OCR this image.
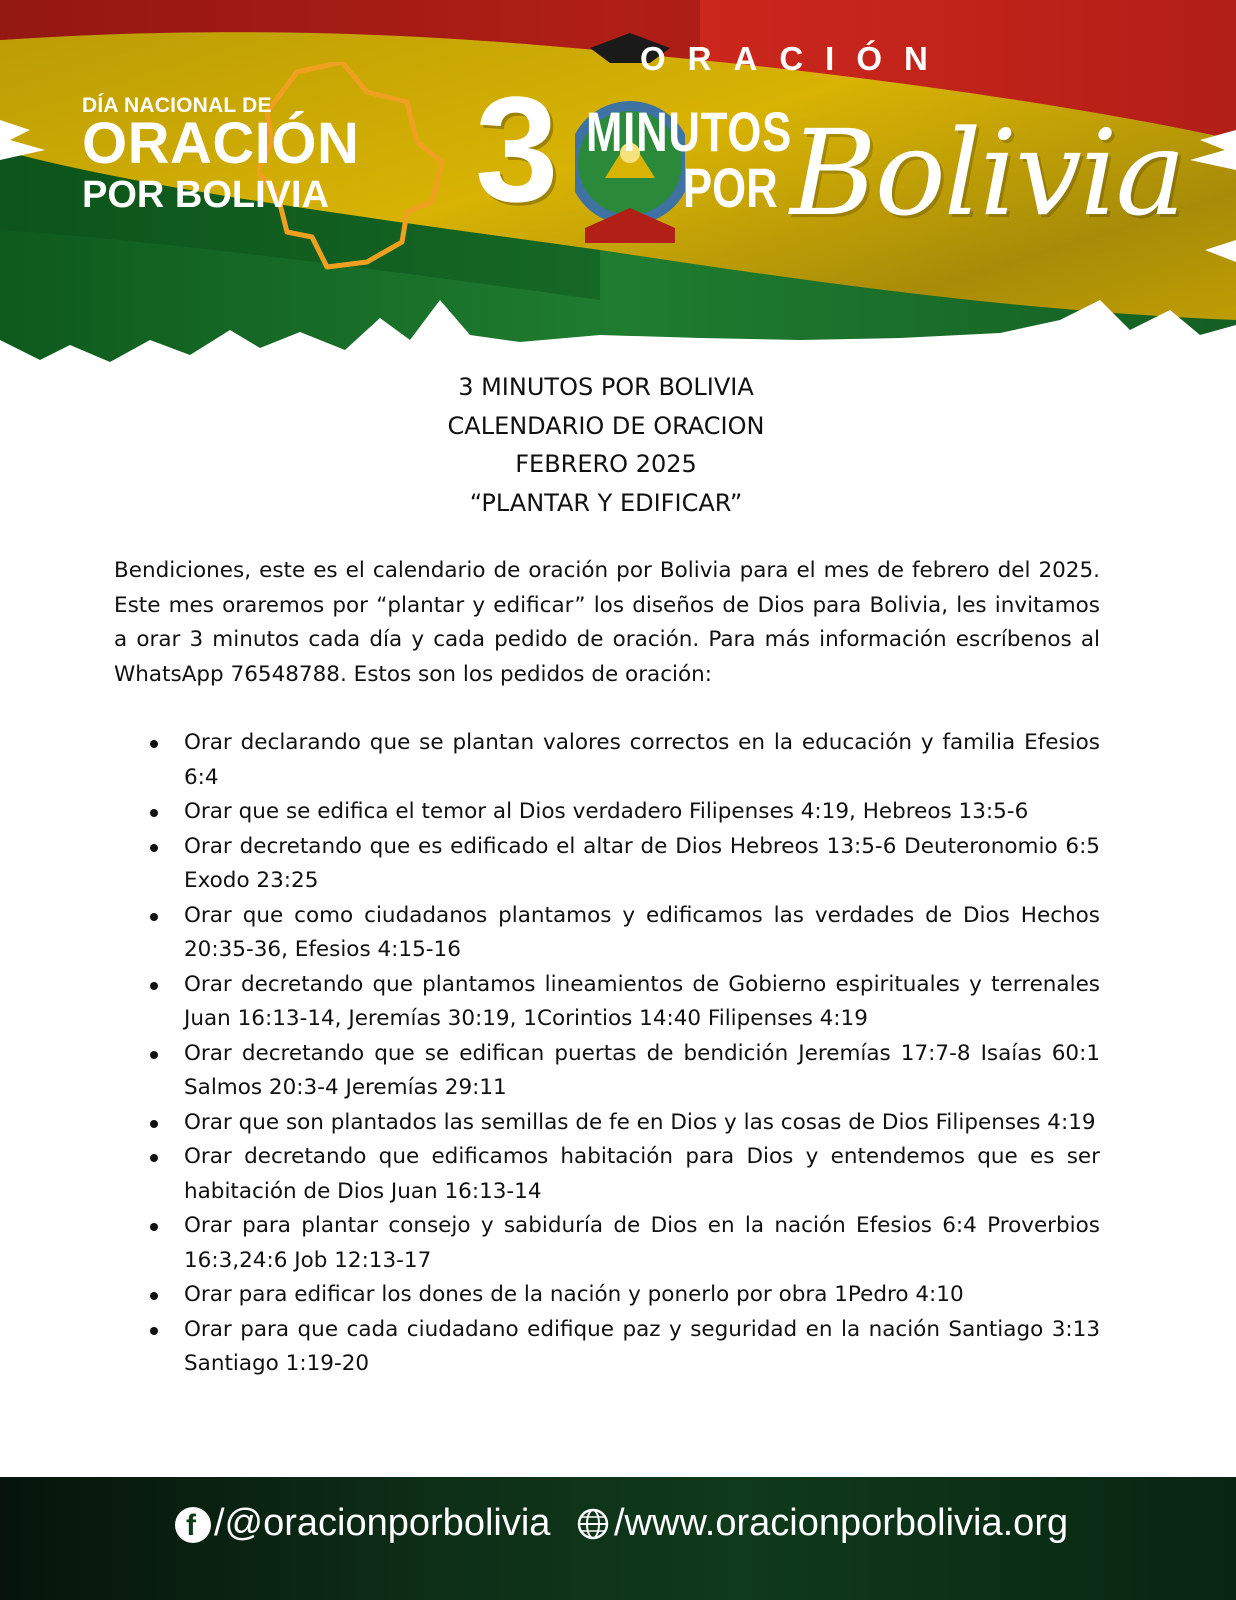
DÍA NACIONAL DE
ORACIÓN
POR BOLIVIA
ORACIÓN
3 MINUTOS
POR Bolivia
3 MINUTOS POR BOLIVIA
CALENDARIO DE ORACION
FEBRERO 2025
“PLANTAR Y EDIFICAR”

Bendiciones, este es el calendario de oración por Bolivia para el mes de febrero del 2025. Este mes oraremos por “plantar y edificar” los diseños de Dios para Bolivia, les invitamos a orar 3 minutos cada día y cada pedido de oración. Para más información escríbenos al WhatsApp 76548788. Estos son los pedidos de oración:

Orar declarando que se plantan valores correctos en la educación y familia Efesios 6:4
Orar que se edifica el temor al Dios verdadero Filipenses 4:19, Hebreos 13:5-6
Orar decretando que es edificado el altar de Dios Hebreos 13:5-6 Deuteronomio 6:5 Exodo 23:25
Orar que como ciudadanos plantamos y edificamos las verdades de Dios Hechos 20:35-36, Efesios 4:15-16
Orar decretando que plantamos lineamientos de Gobierno espirituales y terrenales Juan 16:13-14, Jeremías 30:19, 1Corintios 14:40 Filipenses 4:19
Orar decretando que se edifican puertas de bendición Jeremías 17:7-8 Isaías 60:1 Salmos 20:3-4 Jeremías 29:11
Orar que son plantados las semillas de fe en Dios y las cosas de Dios Filipenses 4:19
Orar decretando que edificamos habitación para Dios y entendemos que es ser habitación de Dios Juan 16:13-14
Orar para plantar consejo y sabiduría de Dios en la nación Efesios 6:4 Proverbios 16:3,24:6 Job 12:13-17
Orar para edificar los dones de la nación y ponerlo por obra 1Pedro 4:10
Orar para que cada ciudadano edifique paz y seguridad en la nación Santiago 3:13 Santiago 1:19-20
f /@oracionporbolivia /www.oracionporbolivia.org
